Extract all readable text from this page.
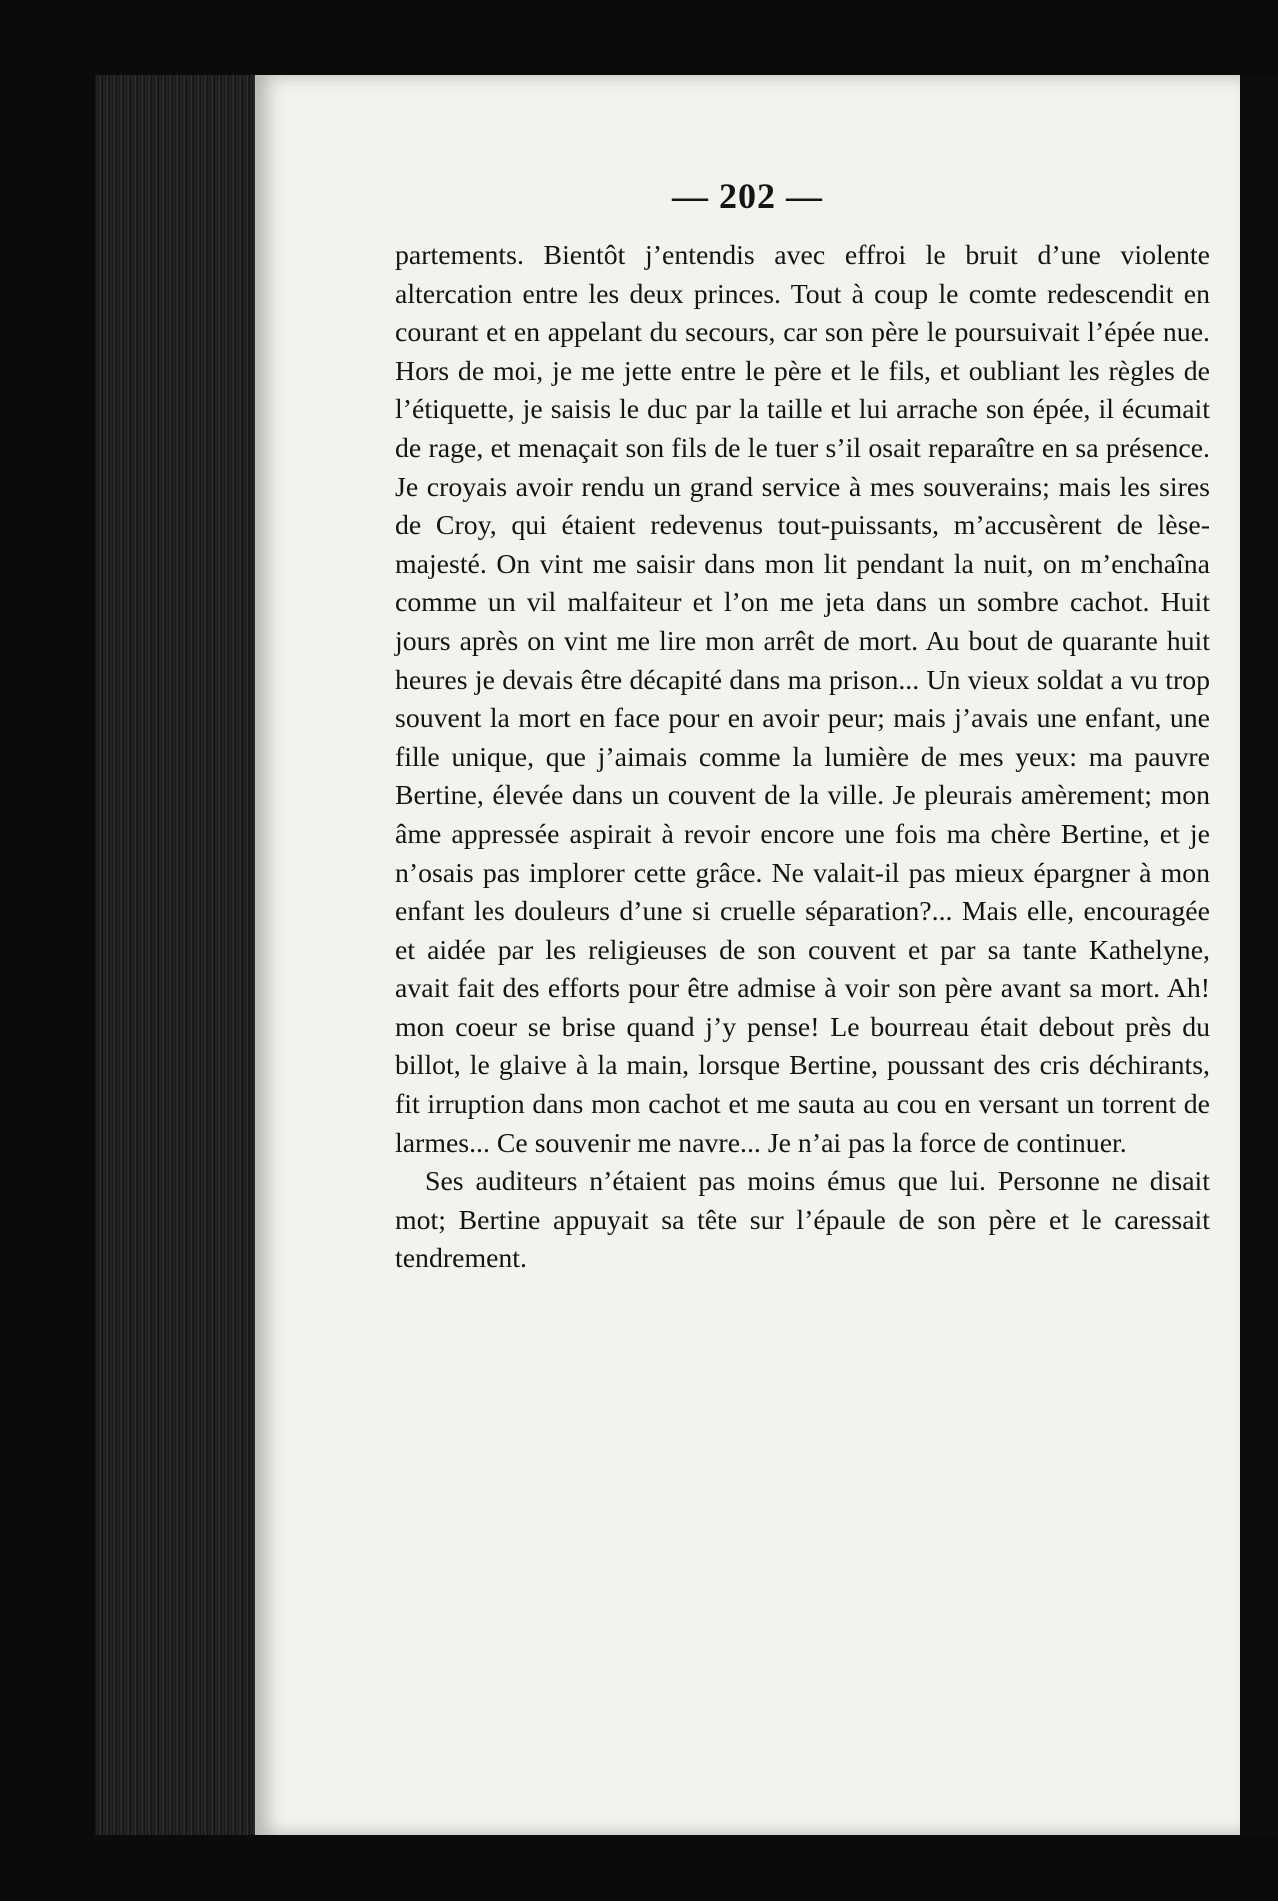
— 202 —

partements. Bientôt j’entendis avec effroi le bruit d’une violente altercation entre les deux princes. Tout à coup le comte redescendit en courant et en appelant du secours, car son père le poursuivait l’épée nue. Hors de moi, je me jette entre le père et le fils, et oubliant les règles de l’étiquette, je saisis le duc par la taille et lui arrache son épée, il écumait de rage, et menaçait son fils de le tuer s’il osait reparaître en sa présence. Je croyais avoir rendu un grand service à mes souverains; mais les sires de Croy, qui étaient redevenus tout-puissants, m’accusèrent de lèse-majesté. On vint me saisir dans mon lit pendant la nuit, on m’enchaîna comme un vil malfaiteur et l’on me jeta dans un sombre cachot. Huit jours après on vint me lire mon arrêt de mort. Au bout de quarante huit heures je devais être décapité dans ma prison... Un vieux soldat a vu trop souvent la mort en face pour en avoir peur; mais j’avais une enfant, une fille unique, que j’aimais comme la lumière de mes yeux: ma pauvre Bertine, élevée dans un couvent de la ville. Je pleurais amèrement; mon âme appressée aspirait à revoir encore une fois ma chère Bertine, et je n’osais pas implorer cette grâce. Ne valait-il pas mieux épargner à mon enfant les douleurs d’une si cruelle séparation?... Mais elle, encouragée et aidée par les religieuses de son couvent et par sa tante Kathelyne, avait fait des efforts pour être admise à voir son père avant sa mort. Ah! mon coeur se brise quand j’y pense! Le bourreau était debout près du billot, le glaive à la main, lorsque Bertine, poussant des cris déchirants, fit irruption dans mon cachot et me sauta au cou en versant un torrent de larmes... Ce souvenir me navre... Je n’ai pas la force de continuer.

Ses auditeurs n’étaient pas moins émus que lui. Personne ne disait mot; Bertine appuyait sa tête sur l’épaule de son père et le caressait tendrement.
